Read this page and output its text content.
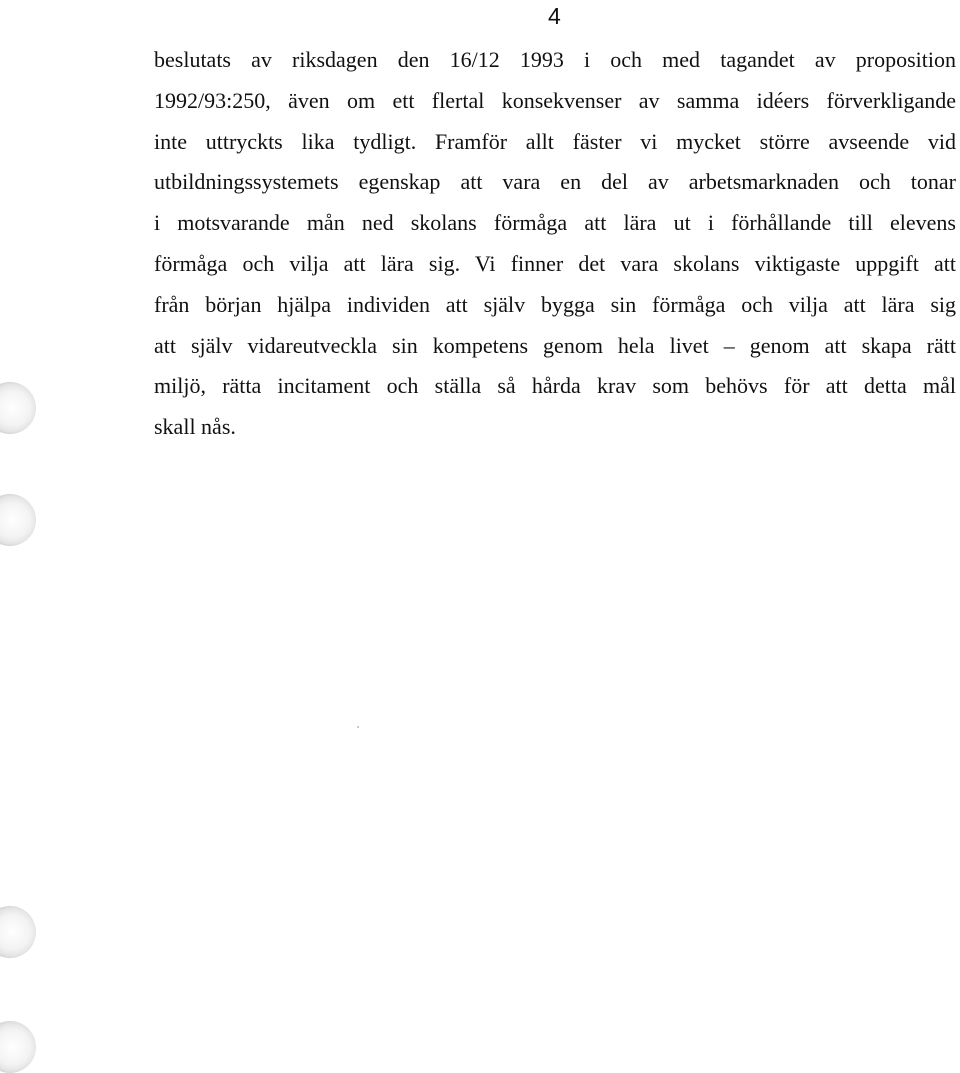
4
beslutats av riksdagen den 16/12 1993 i och med tagandet av proposition
1992/93:250, även om ett flertal konsekvenser av samma idéers förverkligande
inte uttryckts lika tydligt. Framför allt fäster vi mycket större avseende vid
utbildningssystemets egenskap att vara en del av arbetsmarknaden och tonar
i motsvarande mån ned skolans förmåga att lära ut i förhållande till elevens
förmåga och vilja att lära sig. Vi finner det vara skolans viktigaste uppgift att
från början hjälpa individen att själv bygga sin förmåga och vilja att lära sig
att själv vidareutveckla sin kompetens genom hela livet – genom att skapa rätt
miljö, rätta incitament och ställa så hårda krav som behövs för att detta mål
skall nås.
